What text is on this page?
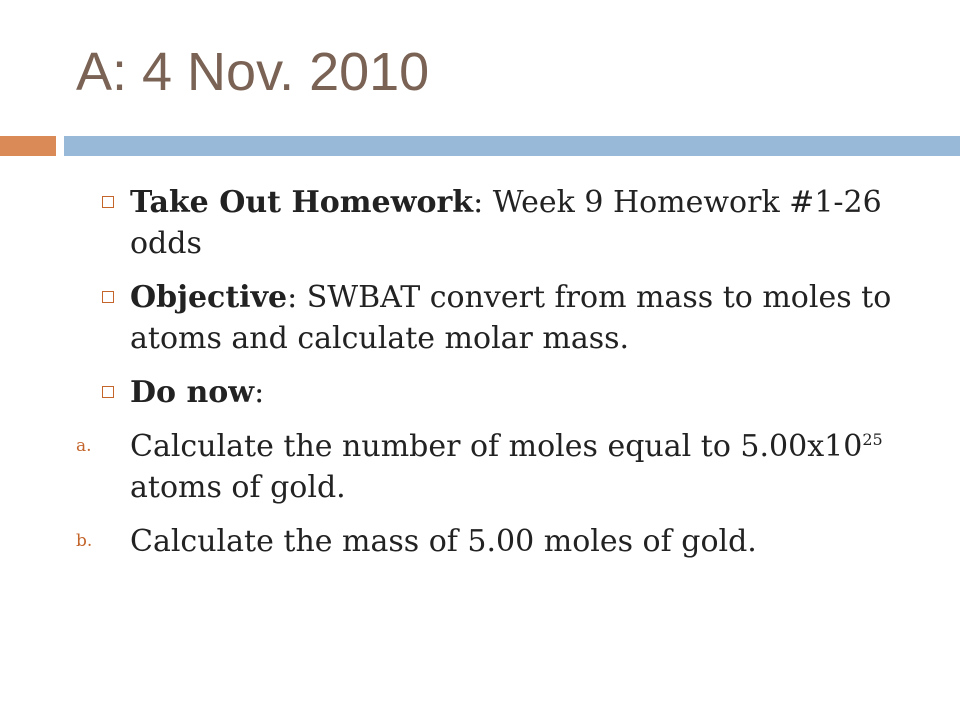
A: 4 Nov. 2010
Take Out Homework: Week 9 Homework #1-26 odds
Objective: SWBAT convert from mass to moles to atoms and calculate molar mass.
Do now:
a. Calculate the number of moles equal to $5.00x10^{25}$ atoms of gold.
b. Calculate the mass of 5.00 moles of gold.
